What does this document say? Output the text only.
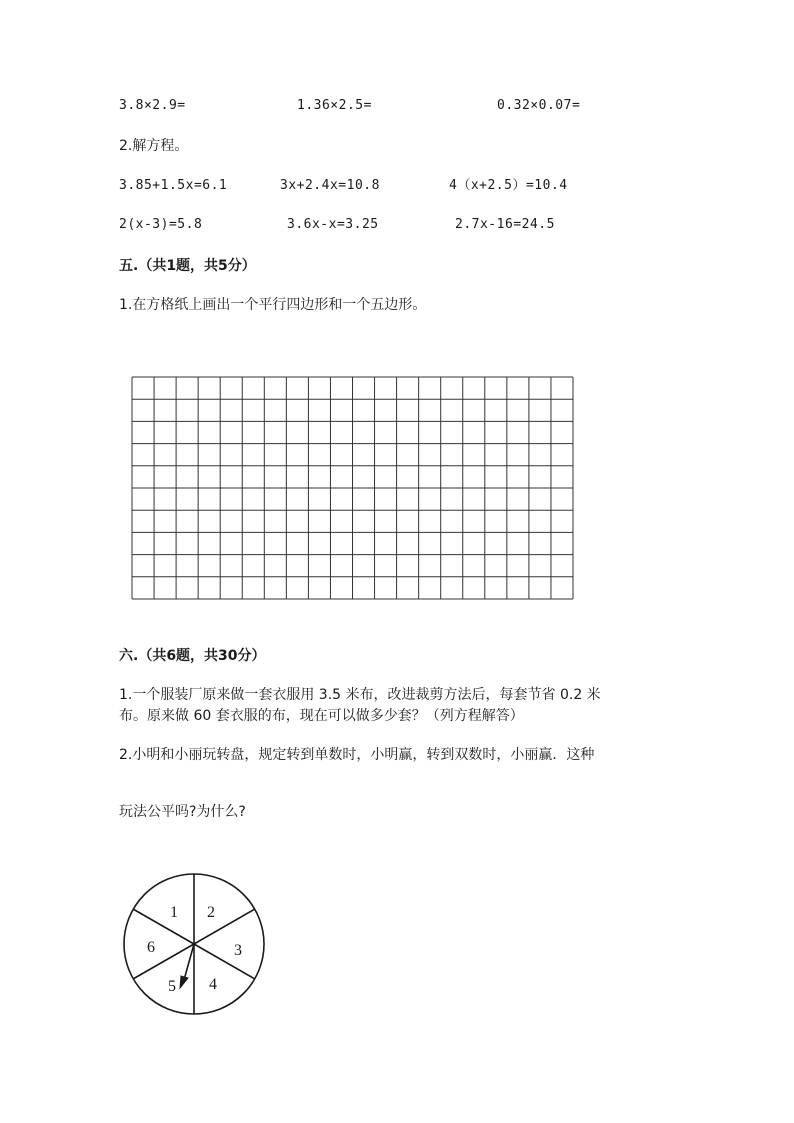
3.8×2.9=	1.36×2.5=	0.32×0.07=
2.解方程。
3.85+1.5x=6.1	3x+2.4x=10.8	4（x+2.5）=10.4
2(x-3)=5.8	3.6x-x=3.25	2.7x-16=24.5
五.（共1题，共5分）
1.在方格纸上画出一个平行四边形和一个五边形。
六.（共6题，共30分）
1.一个服装厂原来做一套衣服用 3.5 米布，改进裁剪方法后，每套节省 0.2 米
布。原来做 60 套衣服的布，现在可以做多少套？（列方程解答）
2.小明和小丽玩转盘，规定转到单数时，小明赢，转到双数时，小丽赢．这种
玩法公平吗?为什么?
1 2
3
4
5
6
